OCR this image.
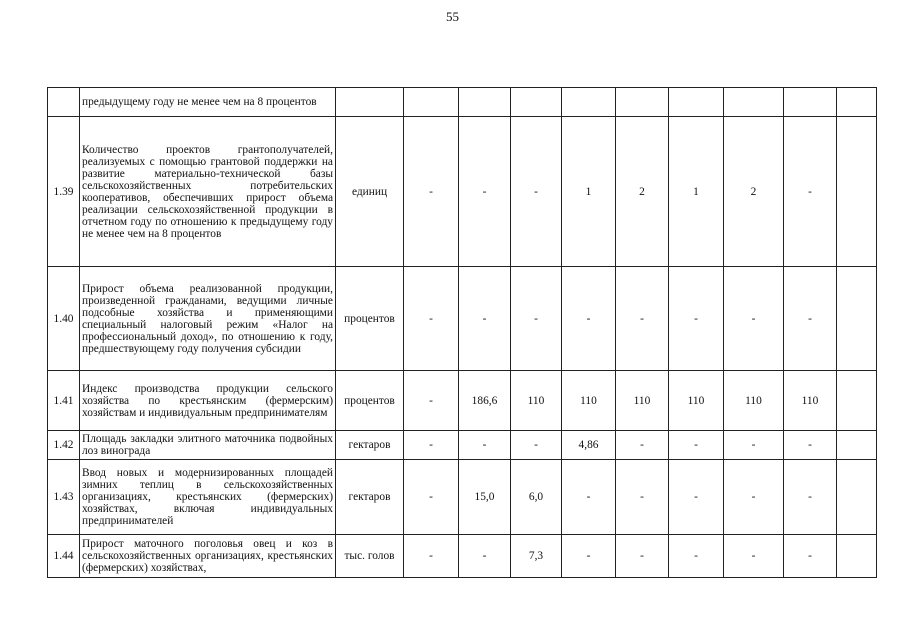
55
	предыдущему году не менее чем на 8 процентов										
1.39	Количество проектов грантополучателей, реализуемых с помощью грантовой поддержки на развитие материально-технической базы сельскохозяйственных потребительских кооперативов, обеспечивших прирост объема реализации сельскохозяйственной продукции в отчетном году по отношению к предыдущему году не менее чем на 8 процентов	единиц	-	-	-	1	2	1	2	-	
1.40	Прирост объема реализованной продукции, произведенной гражданами, ведущими личные подсобные хозяйства и применяющими специальный налоговый режим «Налог на профессиональный доход», по отношению к году, предшествующему году получения субсидии	процентов	-	-	-	-	-	-	-	-	
1.41	Индекс производства продукции сельского хозяйства по крестьянским (фермерским) хозяйствам и индивидуальным предпринимателям	процентов	-	186,6	110	110	110	110	110	110	
1.42	Площадь закладки элитного маточника подвойных лоз винограда	гектаров	-	-	-	4,86	-	-	-	-	
1.43	Ввод новых и модернизированных площадей зимних теплиц в сельскохозяйственных организациях, крестьянских (фермерских) хозяйствах, включая индивидуальных предпринимателей	гектаров	-	15,0	6,0	-	-	-	-	-	
1.44	Прирост маточного поголовья овец и коз в сельскохозяйственных организациях, крестьянских (фермерских) хозяйствах,	тыс. голов	-	-	7,3	-	-	-	-	-	
